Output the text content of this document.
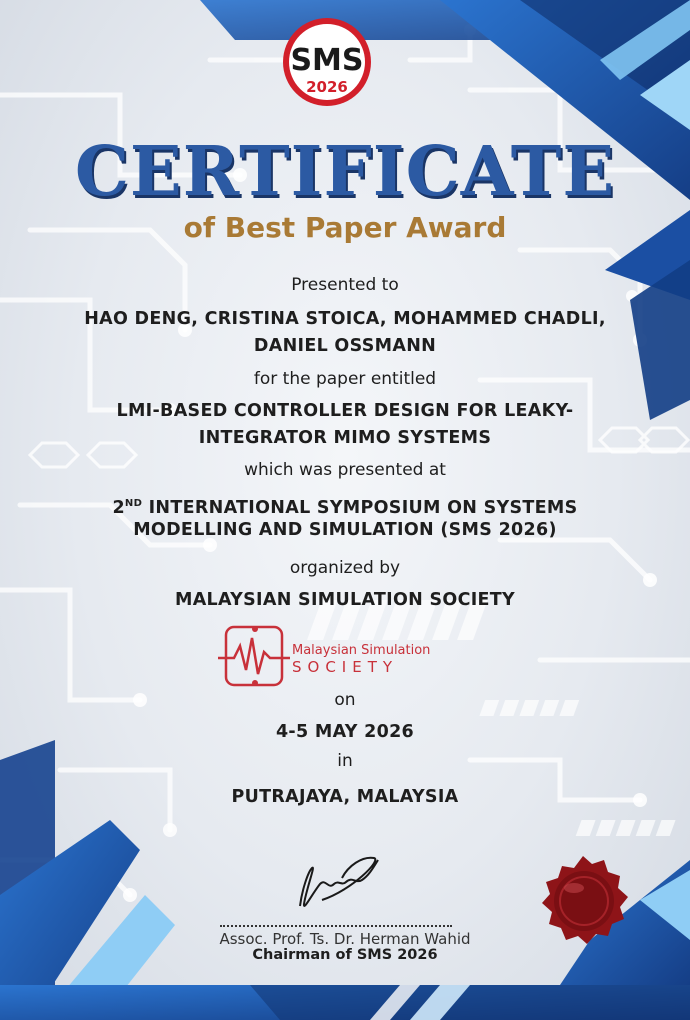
SMS
2026
CERTIFICATE
of Best Paper Award
Presented to
HAO DENG, CRISTINA STOICA, MOHAMMED CHADLI,
DANIEL OSSMANN
for the paper entitled
LMI-BASED CONTROLLER DESIGN FOR LEAKY-
INTEGRATOR MIMO SYSTEMS
which was presented at
2ND INTERNATIONAL SYMPOSIUM ON SYSTEMS
MODELLING AND SIMULATION (SMS 2026)
organized by
MALAYSIAN SIMULATION SOCIETY
Malaysian Simulation
SOCIETY
on
4-5 MAY 2026
in
PUTRAJAYA, MALAYSIA
Assoc. Prof. Ts. Dr. Herman Wahid
Chairman of SMS 2026
